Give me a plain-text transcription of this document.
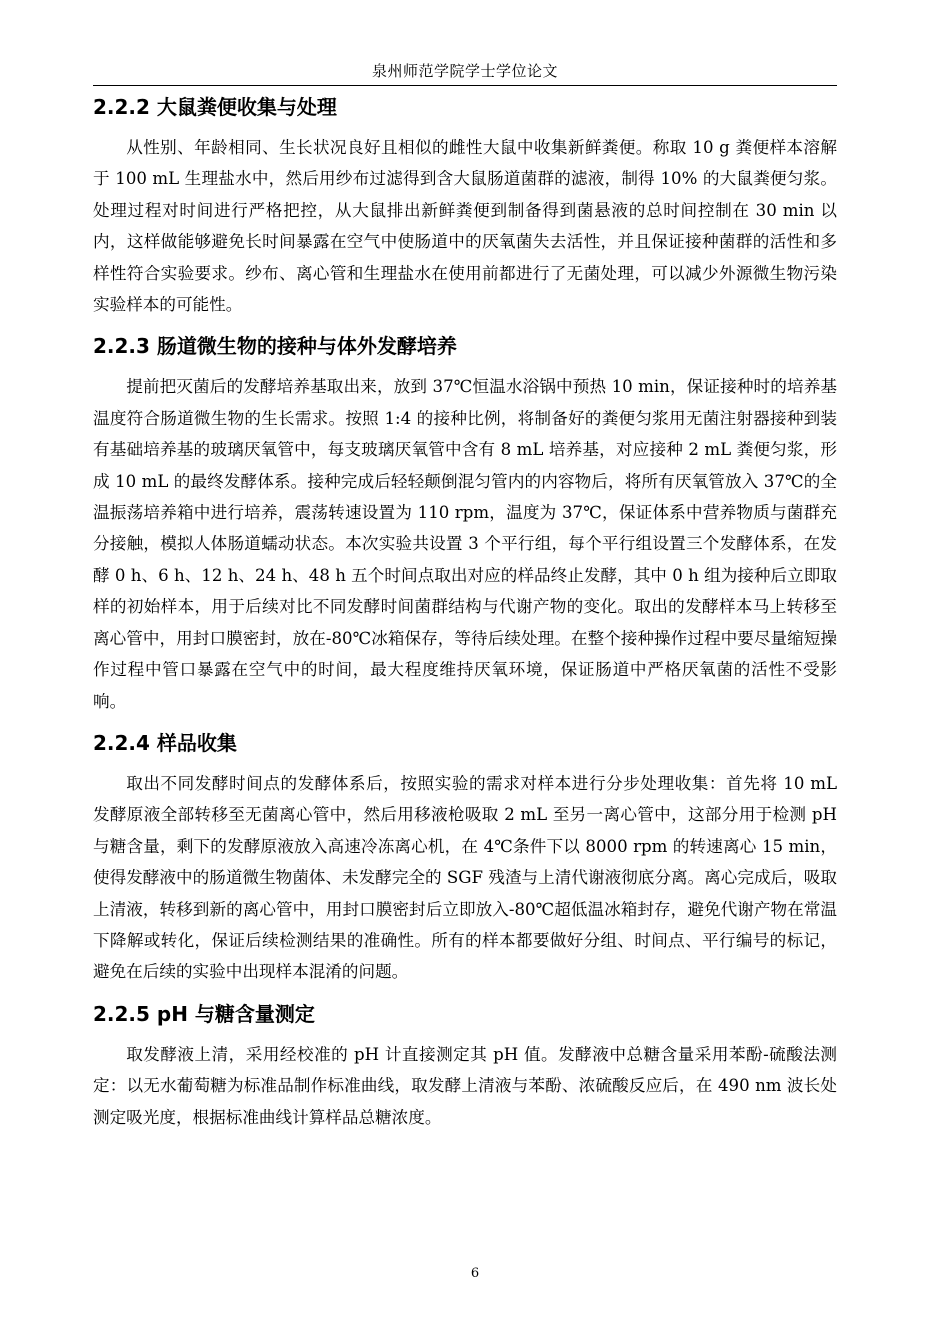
泉州师范学院学士学位论文
2.2.2 大鼠粪便收集与处理

从性别、年龄相同、生长状况良好且相似的雌性大鼠中收集新鲜粪便。称取 10 g 粪便样本溶解于 100 mL 生理盐水中，然后用纱布过滤得到含大鼠肠道菌群的滤液，制得 10% 的大鼠粪便匀浆。处理过程对时间进行严格把控，从大鼠排出新鲜粪便到制备得到菌悬液的总时间控制在 30 min 以内，这样做能够避免长时间暴露在空气中使肠道中的厌氧菌失去活性，并且保证接种菌群的活性和多样性符合实验要求。纱布、离心管和生理盐水在使用前都进行了无菌处理，可以减少外源微生物污染实验样本的可能性。

2.2.3 肠道微生物的接种与体外发酵培养

提前把灭菌后的发酵培养基取出来，放到 37℃恒温水浴锅中预热 10 min，保证接种时的培养基温度符合肠道微生物的生长需求。按照 1:4 的接种比例，将制备好的粪便匀浆用无菌注射器接种到装有基础培养基的玻璃厌氧管中，每支玻璃厌氧管中含有 8 mL 培养基，对应接种 2 mL 粪便匀浆，形成 10 mL 的最终发酵体系。接种完成后轻轻颠倒混匀管内的内容物后，将所有厌氧管放入 37℃的全温振荡培养箱中进行培养，震荡转速设置为 110 rpm，温度为 37℃，保证体系中营养物质与菌群充分接触，模拟人体肠道蠕动状态。本次实验共设置 3 个平行组，每个平行组设置三个发酵体系，在发酵 0 h、6 h、12 h、24 h、48 h 五个时间点取出对应的样品终止发酵，其中 0 h 组为接种后立即取样的初始样本，用于后续对比不同发酵时间菌群结构与代谢产物的变化。取出的发酵样本马上转移至离心管中，用封口膜密封，放在-80℃冰箱保存，等待后续处理。在整个接种操作过程中要尽量缩短操作过程中管口暴露在空气中的时间，最大程度维持厌氧环境，保证肠道中严格厌氧菌的活性不受影响。

2.2.4 样品收集

取出不同发酵时间点的发酵体系后，按照实验的需求对样本进行分步处理收集：首先将 10 mL 发酵原液全部转移至无菌离心管中，然后用移液枪吸取 2 mL 至另一离心管中，这部分用于检测 pH 与糖含量，剩下的发酵原液放入高速冷冻离心机，在 4℃条件下以 8000 rpm 的转速离心 15 min，使得发酵液中的肠道微生物菌体、未发酵完全的 SGF 残渣与上清代谢液彻底分离。离心完成后，吸取上清液，转移到新的离心管中，用封口膜密封后立即放入-80℃超低温冰箱封存，避免代谢产物在常温下降解或转化，保证后续检测结果的准确性。所有的样本都要做好分组、时间点、平行编号的标记，避免在后续的实验中出现样本混淆的问题。

2.2.5 pH 与糖含量测定

取发酵液上清，采用经校准的 pH 计直接测定其 pH 值。发酵液中总糖含量采用苯酚-硫酸法测定：以无水葡萄糖为标准品制作标准曲线，取发酵上清液与苯酚、浓硫酸反应后，在 490 nm 波长处测定吸光度，根据标准曲线计算样品总糖浓度。

6
